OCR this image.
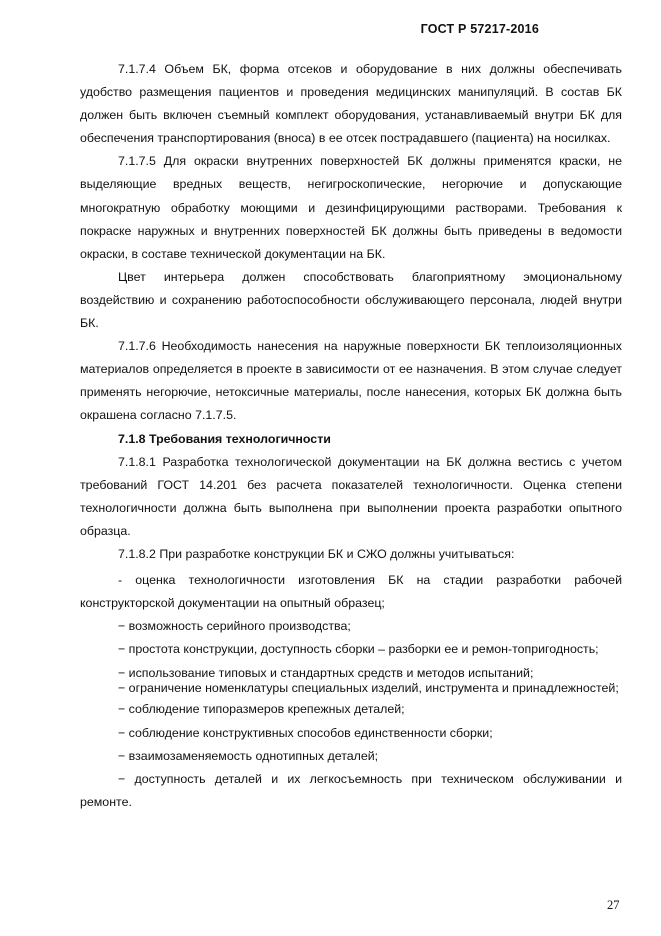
ГОСТ Р 57217-2016

7.1.7.4 Объем БК, форма отсеков и оборудование в них должны обеспечивать удобство размещения пациентов и проведения медицинских манипуляций. В состав БК должен быть включен съемный комплект оборудования, устанавливаемый внутри БК для обеспечения транспортирования (вноса) в ее отсек пострадавшего (пациента) на носилках.

7.1.7.5 Для окраски внутренних поверхностей БК должны применятся краски, не выделяющие вредных веществ, негигроскопические, негорючие и допускающие многократную обработку моющими и дезинфицирующими растворами. Требования к покраске наружных и внутренних поверхностей БК должны быть приведены в ведомости окраски, в составе технической документации на БК.

Цвет интерьера должен способствовать благоприятному эмоциональному воздействию и сохранению работоспособности обслуживающего персонала, людей внутри БК.

7.1.7.6 Необходимость нанесения на наружные поверхности БК теплоизоляционных материалов определяется в проекте в зависимости от ее назначения. В этом случае следует применять негорючие, нетоксичные материалы, после нанесения, которых БК должна быть окрашена согласно 7.1.7.5.

7.1.8 Требования технологичности

7.1.8.1 Разработка технологической документации на БК должна вестись с учетом требований ГОСТ 14.201 без расчета показателей технологичности. Оценка степени технологичности должна быть выполнена при выполнении проекта разработки опытного образца.

7.1.8.2 При разработке конструкции БК и СЖО должны учитываться:

- оценка технологичности изготовления БК на стадии разработки рабочей конструкторской документации на опытный образец;

− возможность серийного производства;

− простота конструкции, доступность сборки – разборки ее и ремон-топригодность;

− использование типовых и стандартных средств и методов испытаний;

− ограничение номенклатуры специальных изделий, инструмента и принадлежностей;

− соблюдение типоразмеров крепежных деталей;

− соблюдение конструктивных способов единственности сборки;

− взаимозаменяемость однотипных деталей;

− доступность деталей и их легкосъемность при техническом обслуживании и ремонте.

27
